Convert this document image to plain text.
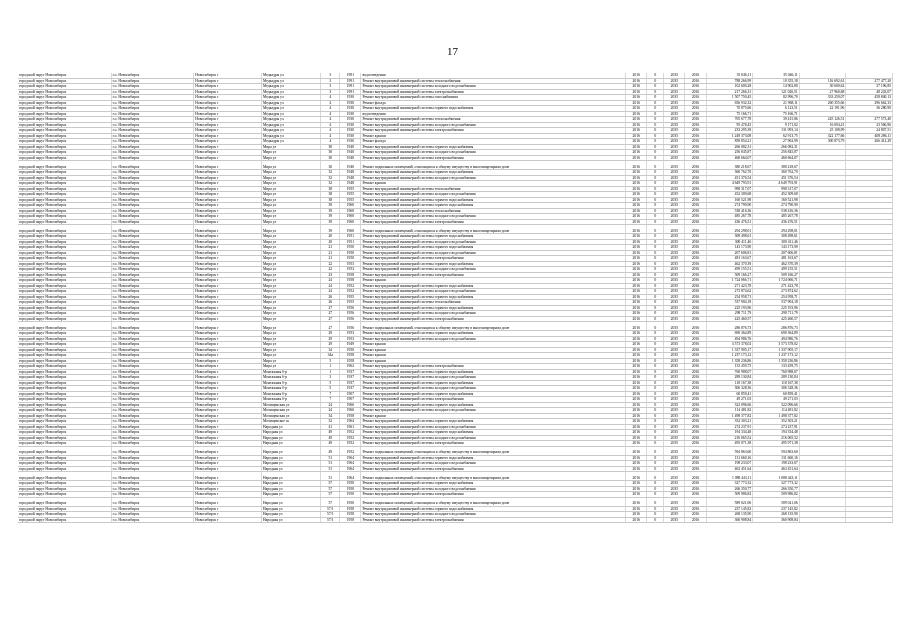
17
городской округ Новосибирск	г.о. Новосибирск	Новосибирск г	Медкадры ул	3	1991	водоотведения	2016	0	2035	2016	35 046,11	35 046,11		
городской округ Новосибирск	г.о. Новосибирск	Новосибирск г	Медкадры ул	3	1991	Ремонт внутридомовой инженерной системы теплоснабжения	2016	0	2035	2016	788 266,99	10 355,18	116 692,61	277 477,20
городской округ Новосибирск	г.о. Новосибирск	Новосибирск г	Медкадры ул	3	1991	Ремонт внутридомовой инженерной системы холодного водоснабжения	2016	0	2035	2016	102 600,28	14 902,80	30 600,62	37 196,85
городской округ Новосибирск	г.о. Новосибирск	Новосибирск г	Медкадры ул	3	1991	Ремонт внутридомовой инженерной системы электроснабжения	2016	0	2035	2016	217 266,31	121 026,51	27 960,68	48 243,07
городской округ Новосибирск	г.о. Новосибирск	Новосибирск г	Медкадры ул	4	1930	Ремонт внутридомовой инженерной системы газоснабжения	2016	0	2035	2016	1 507 750,45	82 996,70	333 259,07	458 840,13
городской округ Новосибирск	г.о. Новосибирск	Новосибирск г	Медкадры ул	4	1930	Ремонт фасада	2016	0	2035	2016	656 932,32	21 968,11	260 355,66	296 662,33
городской округ Новосибирск	г.о. Новосибирск	Новосибирск г	Медкадры ул	4	1930	Ремонт внутридомовой инженерной системы горячего водоснабжения	2016	0	2035	2016	70 875,66	6 123,51	22 191,96	36 280,90
городской округ Новосибирск	г.о. Новосибирск	Новосибирск г	Медкадры ул	4	1930	водоотведения	2016	0	2035	2016	75 166,71	75 166,71		
городской округ Новосибирск	г.о. Новосибирск	Новосибирск г	Медкадры ул	4	1930	Ремонт внутридомовой инженерной системы теплоснабжения	2016	0	2035	2016	705 677,78	39 415,86	245 126,51	277 573,40
городской округ Новосибирск	г.о. Новосибирск	Новосибирск г	Медкадры ул	4	1930	Ремонт внутридомовой инженерной системы холодного водоснабжения	2016	0	2035	2016	95 478,45	9 171,02	16 694,41	23 566,96
городской округ Новосибирск	г.о. Новосибирск	Новосибирск г	Медкадры ул	4	1930	Ремонт внутридомовой инженерной системы электроснабжения	2016	0	2035	2016	233 295,39	131 093,14	25 108,99	24 807,51
городской округ Новосибирск	г.о. Новосибирск	Новосибирск г	Медкадры ул	4	1930	Ремонт крыши	2016	0	2035	2016	1 249 373,08	62 913,75	322 177,66	408 286,11
городской округ Новосибирск	г.о. Новосибирск	Новосибирск г	Медкадры ул	4	1930	Ремонт фасада	2016	0	2035	2016	858 854,21	27 962,99	300 873,79	266 412,29
городской округ Новосибирск	г.о. Новосибирск	Новосибирск г	Мира ул	30	1940	Ремонт внутридомовой инженерной системы горячего водоснабжения	2016	0	2035	2016	266 082,31	266 082,31		
городской округ Новосибирск	г.о. Новосибирск	Новосибирск г	Мира ул	30	1940	Ремонт внутридомовой инженерной системы холодного водоснабжения	2016	0	2035	2016	256 845,87	256 845,87		
городской округ Новосибирск	г.о. Новосибирск	Новосибирск г	Мира ул	30	1940	Ремонт внутридомовой инженерной системы электроснабжения	2016	0	2035	2016	460 664,07	460 664,07		
городской округ Новосибирск	г.о. Новосибирск	Новосибирск г	Мира ул	30	1940	Ремонт подвальных помещений, относящихся к общему имуществу в многоквартирном доме	2016	0	2035	2016	380 218,67	380 218,67		
городской округ Новосибирск	г.о. Новосибирск	Новосибирск г	Мира ул	32	1948	Ремонт внутридомовой инженерной системы горячего водоснабжения	2016	0	2035	2016	360 762,70	360 762,70		
городской округ Новосибирск	г.о. Новосибирск	Новосибирск г	Мира ул	32	1948	Ремонт внутридомовой инженерной системы холодного водоснабжения	2016	0	2035	2016	451 376,54	451 376,54		
городской округ Новосибирск	г.о. Новосибирск	Новосибирск г	Мира ул	32	1948	Ремонт крыши	2016	0	2035	2016	4 649 793,91	4 649 793,91		
городской округ Новосибирск	г.о. Новосибирск	Новосибирск г	Мира ул	38	1955	Ремонт внутридомовой инженерной системы теплоснабжения	2016	0	2035	2016	998 317,07	998 317,07		
городской округ Новосибирск	г.о. Новосибирск	Новосибирск г	Мира ул	38	1955	Ремонт внутридомовой инженерной системы холодного водоснабжения	2016	0	2035	2016	452 309,68	452 309,68		
городской округ Новосибирск	г.о. Новосибирск	Новосибирск г	Мира ул	38	1955	Ремонт внутридомовой инженерной системы горячего водоснабжения	2016	0	2035	2016	160 521,98	160 521,98		
городской округ Новосибирск	г.о. Новосибирск	Новосибирск г	Мира ул	39	1960	Ремонт внутридомовой инженерной системы горячего водоснабжения	2016	0	2035	2016	274 790,90	274 790,90		
городской округ Новосибирск	г.о. Новосибирск	Новосибирск г	Мира ул	39	1960	Ремонт внутридомовой инженерной системы теплоснабжения	2016	0	2035	2016	538 416,36	538 416,36		
городской округ Новосибирск	г.о. Новосибирск	Новосибирск г	Мира ул	39	1960	Ремонт внутридомовой инженерной системы холодного водоснабжения	2016	0	2035	2016	485 267,78	485 267,78		
городской округ Новосибирск	г.о. Новосибирск	Новосибирск г	Мира ул	39	1960	Ремонт внутридомовой инженерной системы электроснабжения	2016	0	2035	2016	436 476,51	436 476,51		
городской округ Новосибирск	г.о. Новосибирск	Новосибирск г	Мира ул	39	1960	Ремонт подвальных помещений, относящихся к общему имуществу в многоквартирном доме	2016	0	2035	2016	294 298,01	294 298,01		
городской округ Новосибирск	г.о. Новосибирск	Новосибирск г	Мира ул	20	1951	Ремонт внутридомовой инженерной системы горячего водоснабжения	2016	0	2035	2016	308 498,61	308 498,61		
городской округ Новосибирск	г.о. Новосибирск	Новосибирск г	Мира ул	20	1951	Ремонт внутридомовой инженерной системы холодного водоснабжения	2016	0	2035	2016	300 411,46	300 411,46		
городской округ Новосибирск	г.о. Новосибирск	Новосибирск г	Мира ул	21	1950	Ремонт внутридомовой инженерной системы горячего водоснабжения	2016	0	2035	2016	143 173,90	143 173,90		
городской округ Новосибирск	г.о. Новосибирск	Новосибирск г	Мира ул	21	1950	Ремонт внутридомовой инженерной системы холодного водоснабжения	2016	0	2035	2016	207 606,81	207 606,81		
городской округ Новосибирск	г.о. Новосибирск	Новосибирск г	Мира ул	21	1950	Ремонт внутридомовой инженерной системы электроснабжения	2016	0	2035	2016	481 163,67	481 163,67		
городской округ Новосибирск	г.о. Новосибирск	Новосибирск г	Мира ул	22	1953	Ремонт внутридомовой инженерной системы горячего водоснабжения	2016	0	2035	2016	462 370,39	462 370,39		
городской округ Новосибирск	г.о. Новосибирск	Новосибирск г	Мира ул	22	1953	Ремонт внутридомовой инженерной системы холодного водоснабжения	2016	0	2035	2016	499 155,51	499 155,51		
городской округ Новосибирск	г.о. Новосибирск	Новосибирск г	Мира ул	23	1958	Ремонт внутридомовой инженерной системы электроснабжения	2016	0	2035	2016	509 166,27	509 166,27		
городской округ Новосибирск	г.о. Новосибирск	Новосибирск г	Мира ул	24	1958	Ремонт крыши	2016	0	2035	2016	1 724 066,71	1 724 066,71		
городской округ Новосибирск	г.о. Новосибирск	Новосибирск г	Мира ул	24	1952	Ремонт внутридомовой инженерной системы горячего водоснабжения	2016	0	2035	2016	271 423,78	271 423,78		
городской округ Новосибирск	г.о. Новосибирск	Новосибирск г	Мира ул	24	1952	Ремонт внутридомовой инженерной системы холодного водоснабжения	2016	0	2035	2016	273 874,62	273 874,62		
городской округ Новосибирск	г.о. Новосибирск	Новосибирск г	Мира ул	26	1955	Ремонт внутридомовой инженерной системы горячего водоснабжения	2016	0	2035	2016	254 958,71	254 958,71		
городской округ Новосибирск	г.о. Новосибирск	Новосибирск г	Мира ул	26	1955	Ремонт внутридомовой инженерной системы теплоснабжения	2016	0	2035	2016	537 904,18	537 904,18		
городской округ Новосибирск	г.о. Новосибирск	Новосибирск г	Мира ул	27	1956	Ремонт внутридомовой инженерной системы горячего водоснабжения	2016	0	2035	2016	225 193,96	225 193,96		
городской округ Новосибирск	г.о. Новосибирск	Новосибирск г	Мира ул	27	1956	Ремонт внутридомовой инженерной системы холодного водоснабжения	2016	0	2035	2016	298 711,79	298 711,79		
городской округ Новосибирск	г.о. Новосибирск	Новосибирск г	Мира ул	27	1956	Ремонт внутридомовой инженерной системы электроснабжения	2016	0	2035	2016	425 460,57	425 460,57		
городской округ Новосибирск	г.о. Новосибирск	Новосибирск г	Мира ул	27	1956	Ремонт подвальных помещений, относящихся к общему имуществу в многоквартирном доме	2016	0	2035	2016	286 876,73	286 876,73		
городской округ Новосибирск	г.о. Новосибирск	Новосибирск г	Мира ул	29	1953	Ремонт внутридомовой инженерной системы горячего водоснабжения	2016	0	2035	2016	690 364,89	690 364,89		
городской округ Новосибирск	г.о. Новосибирск	Новосибирск г	Мира ул	29	1953	Ремонт внутридомовой инженерной системы холодного водоснабжения	2016	0	2035	2016	494 986,76	494 986,76		
городской округ Новосибирск	г.о. Новосибирск	Новосибирск г	Мира ул	29	1949	Ремонт крыши	2016	0	2035	2016	3 573 378,02	3 573 378,02		
городской округ Новосибирск	г.о. Новосибирск	Новосибирск г	Мира ул	34	1950	Ремонт крыши	2016	0	2035	2016	1 337 905,17	1 337 905,17		
городской округ Новосибирск	г.о. Новосибирск	Новосибирск г	Мира ул	34а	1958	Ремонт крыши	2016	0	2035	2016	1 237 173,12	1 237 173,12		
городской округ Новосибирск	г.о. Новосибирск	Новосибирск г	Мира ул	5	1958	Ремонт крыши	2016	0	2035	2016	1 358 236,86	1 358 236,86		
городской округ Новосибирск	г.о. Новосибирск	Новосибирск г	Мира ул	1	1962	Ремонт внутридомовой инженерной системы электроснабжения	2016	0	2035	2016	133 459,75	133 459,75		
городской округ Новосибирск	г.о. Новосибирск	Новосибирск г	Монтажная б-р	1	1937	Ремонт внутридомовой инженерной системы горячего водоснабжения	2016	0	2035	2016	760 988,07	760 988,07		
городской округ Новосибирск	г.о. Новосибирск	Новосибирск г	Монтажная б-р	3	1937	Ремонт внутридомовой инженерной системы холодного водоснабжения	2016	0	2035	2016	289 130,84	289 130,84		
городской округ Новосибирск	г.о. Новосибирск	Новосибирск г	Монтажная б-р	5	1937	Ремонт внутридомовой инженерной системы горячего водоснабжения	2016	0	2035	2016	118 167,38	118 167,38		
городской округ Новосибирск	г.о. Новосибирск	Новосибирск г	Монтажная б-р	5	1937	Ремонт внутридомовой инженерной системы холодного водоснабжения	2016	0	2035	2016	306 328,36	306 328,36		
городской округ Новосибирск	г.о. Новосибирск	Новосибирск г	Монтажная б-р	7	1907	Ремонт внутридомовой инженерной системы горячего водоснабжения	2016	0	2035	2016	60 859,41	60 859,41		
городской округ Новосибирск	г.о. Новосибирск	Новосибирск г	Монтажная б-р	7	1907	Ремонт внутридомовой инженерной системы электроснабжения	2016	0	2035	2016	49 271,03	49 271,03		
городской округ Новосибирск	г.о. Новосибирск	Новосибирск г	Мочищенская ул	24	1966	Ремонт внутридомовой инженерной системы горячего водоснабжения	2016	0	2035	2016	322 096,66	322 096,66		
городской округ Новосибирск	г.о. Новосибирск	Новосибирск г	Мочищенская ул	24	1966	Ремонт внутридомовой инженерной системы холодного водоснабжения	2016	0	2035	2016	114 481,82	114 481,82		
городской округ Новосибирск	г.о. Новосибирск	Новосибирск г	Мочищенская ул	34	1958	Ремонт крыши	2016	0	2035	2016	1 498 377,82	1 498 377,82		
городской округ Новосибирск	г.о. Новосибирск	Новосибирск г	Мочищенское ш	32	1964	Ремонт внутридомовой инженерной системы горячего водоснабжения	2016	0	2035	2016	352 303,21	352 303,21		
городской округ Новосибирск	г.о. Новосибирск	Новосибирск г	Народная ул	41	1961	Ремонт внутридомовой инженерной системы холодного водоснабжения	2016	0	2035	2016	274 237,91	274 237,91		
городской округ Новосибирск	г.о. Новосибирск	Новосибирск г	Народная ул	49	1952	Ремонт внутридомовой инженерной системы горячего водоснабжения	2016	0	2035	2016	194 334,48	194 334,48		
городской округ Новосибирск	г.о. Новосибирск	Новосибирск г	Народная ул	49	1952	Ремонт внутридомовой инженерной системы холодного водоснабжения	2016	0	2035	2016	216 065,52	216 065,52		
городской округ Новосибирск	г.о. Новосибирск	Новосибирск г	Народная ул	49	1952	Ремонт внутридомовой инженерной системы электроснабжения	2016	0	2035	2016	495 071,38	495 071,38		
городской округ Новосибирск	г.о. Новосибирск	Новосибирск г	Народная ул	49	1952	Ремонт подвальных помещений, относящихся к общему имуществу в многоквартирном доме	2016	0	2035	2016	594 863,60	594 863,60		
городской округ Новосибирск	г.о. Новосибирск	Новосибирск г	Народная ул	51	1964	Ремонт внутридомовой инженерной системы горячего водоснабжения	2016	0	2035	2016	131 660,16	131 660,16		
городской округ Новосибирск	г.о. Новосибирск	Новосибирск г	Народная ул	51	1964	Ремонт внутридомовой инженерной системы холодного водоснабжения	2016	0	2035	2016	198 233,07	198 233,07		
городской округ Новосибирск	г.о. Новосибирск	Новосибирск г	Народная ул	51	1964	Ремонт внутридомовой инженерной системы электроснабжения	2016	0	2035	2016	463 451,64	463 451,64		
городской округ Новосибирск	г.о. Новосибирск	Новосибирск г	Народная ул	51	1964	Ремонт подвальных помещений, относящихся к общему имуществу в многоквартирном доме	2016	0	2035	2016	1 088 443,11	1 088 443,11		
городской округ Новосибирск	г.о. Новосибирск	Новосибирск г	Народная ул	57	1950	Ремонт внутридомовой инженерной системы горячего водоснабжения	2016	0	2035	2016	327 773,32	327 773,32		
городской округ Новосибирск	г.о. Новосибирск	Новосибирск г	Народная ул	57	1950	Ремонт внутридомовой инженерной системы холодного водоснабжения	2016	0	2035	2016	266 350,77	266 350,77		
городской округ Новосибирск	г.о. Новосибирск	Новосибирск г	Народная ул	57	1950	Ремонт внутридомовой инженерной системы электроснабжения	2016	0	2035	2016	509 986,82	509 986,82		
городской округ Новосибирск	г.о. Новосибирск	Новосибирск г	Народная ул	57	1950	Ремонт подвальных помещений, относящихся к общему имуществу в многоквартирном доме	2016	0	2035	2016	589 021,06	589 021,06		
городской округ Новосибирск	г.о. Новосибирск	Новосибирск г	Народная ул	57/1	1958	Ремонт внутридомовой инженерной системы горячего водоснабжения	2016	0	2035	2016	237 145,82	237 145,82		
городской округ Новосибирск	г.о. Новосибирск	Новосибирск г	Народная ул	57/1	1958	Ремонт внутридомовой инженерной системы холодного водоснабжения	2016	0	2035	2016	268 135,90	268 135,90		
городской округ Новосибирск	г.о. Новосибирск	Новосибирск г	Народная ул	57/1	1958	Ремонт внутридомовой инженерной системы электроснабжения	2016	0	2035	2016	360 908,84	360 908,84		
